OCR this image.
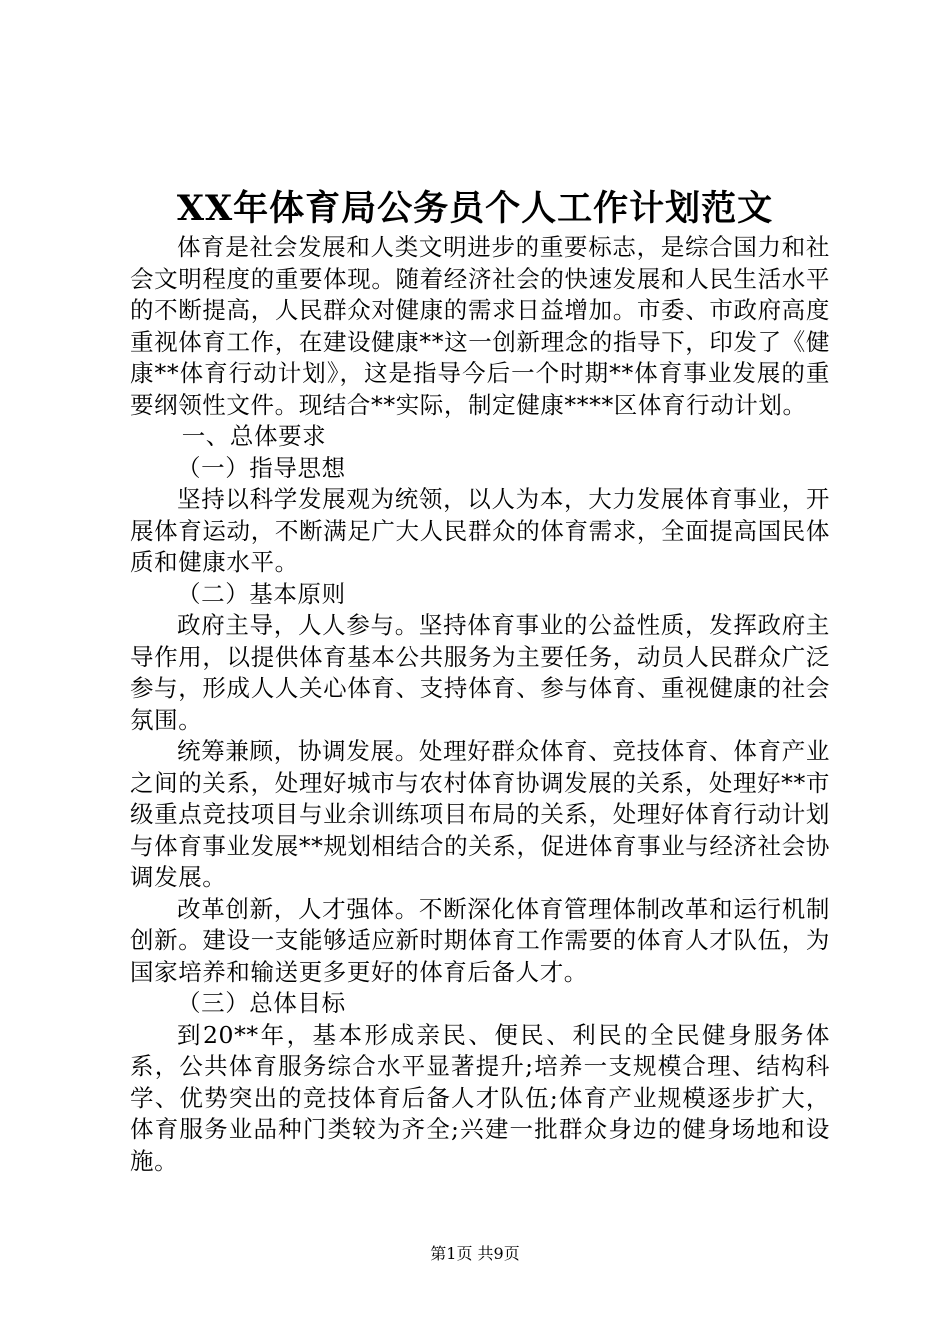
XX年体育局公务员个人工作计划范文

体育是社会发展和人类文明进步的重要标志，是综合国力和社会文明程度的重要体现。随着经济社会的快速发展和人民生活水平的不断提高，人民群众对健康的需求日益增加。市委、市政府高度重视体育工作，在建设健康**这一创新理念的指导下，印发了《健康**体育行动计划》，这是指导今后一个时期**体育事业发展的重要纲领性文件。现结合**实际，制定健康****区体育行动计划。

一、总体要求

（一）指导思想

坚持以科学发展观为统领，以人为本，大力发展体育事业，开展体育运动，不断满足广大人民群众的体育需求，全面提高国民体质和健康水平。

（二）基本原则

政府主导，人人参与。坚持体育事业的公益性质，发挥政府主导作用，以提供体育基本公共服务为主要任务，动员人民群众广泛参与，形成人人关心体育、支持体育、参与体育、重视健康的社会氛围。

统筹兼顾，协调发展。处理好群众体育、竞技体育、体育产业之间的关系，处理好城市与农村体育协调发展的关系，处理好**市级重点竞技项目与业余训练项目布局的关系，处理好体育行动计划与体育事业发展**规划相结合的关系，促进体育事业与经济社会协调发展。

改革创新，人才强体。不断深化体育管理体制改革和运行机制创新。建设一支能够适应新时期体育工作需要的体育人才队伍，为国家培养和输送更多更好的体育后备人才。

（三）总体目标

到20**年，基本形成亲民、便民、利民的全民健身服务体系，公共体育服务综合水平显著提升;培养一支规模合理、结构科学、优势突出的竞技体育后备人才队伍;体育产业规模逐步扩大，体育服务业品种门类较为齐全;兴建一批群众身边的健身场地和设施。

第1页 共9页
